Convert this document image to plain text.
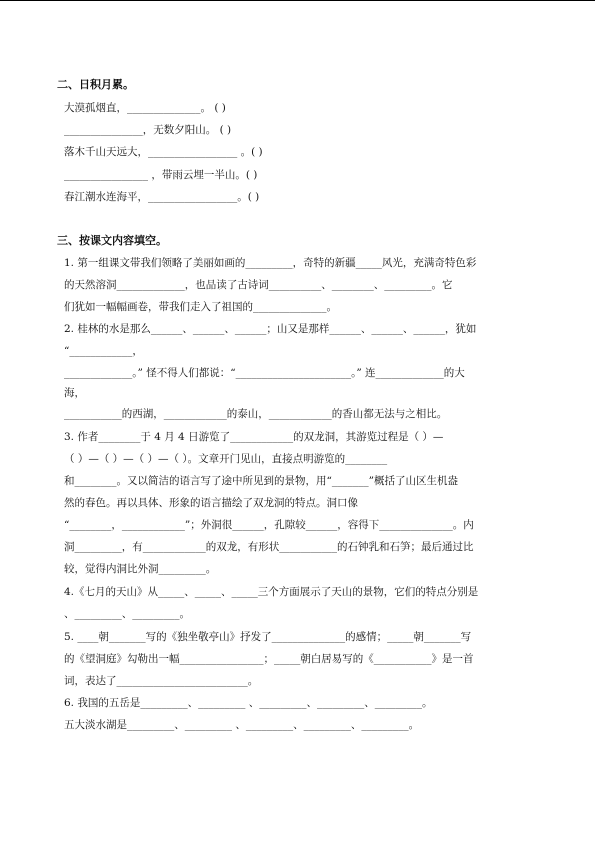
二、日积月累。
大漠孤烟直，______________。 ( )
_______________，无数夕阳山。 ( )
落木千山天远大，_________________ 。( )
________________ ，带雨云埋一半山。( )
春江潮水连海平，_________________。( )
三、按课文内容填空。
1. 第一组课文带我们领略了美丽如画的_________，奇特的新疆_____风光，充满奇特色彩
的天然溶洞_____________，也品读了古诗词__________、________、_________。它
们犹如一幅幅画卷，带我们走入了祖国的______________。
2. 桂林的水是那么______、______、______；山又是那样______、______、______，犹如
“____________，
_____________。” 怪不得人们都说：“______________________。” 连_____________的大
海，
___________的西湖，____________的泰山，____________的香山都无法与之相比。
3. 作者________于 4 月 4 日游览了____________的双龙洞，其游览过程是（ ）—
（ ）—（ ）—（ ）—（ ）。文章开门见山，直接点明游览的________
和________。又以简洁的语言写了途中所见到的景物，用“_______”概括了山区生机盎
然的春色。再以具体、形象的语言描绘了双龙洞的特点。洞口像
“________，____________”；外洞很______，孔隙较______，容得下______________。内
洞_________，有____________的双龙，有形状___________的石钟乳和石笋；最后通过比
较，觉得内洞比外洞_________。
4.《七月的天山》从_____、_____、_____三个方面展示了天山的景物，它们的特点分别是
、_________、_________。
5. ____朝_______写的《独坐敬亭山》抒发了______________的感情；_____朝_______写
的《望洞庭》勾勒出一幅________________；_____朝白居易写的《___________》是一首
词，表达了_________________________。
6. 我国的五岳是_________、_________ 、_________、_________、_________。
五大淡水湖是_________、_________ 、_________、_________、_________。
